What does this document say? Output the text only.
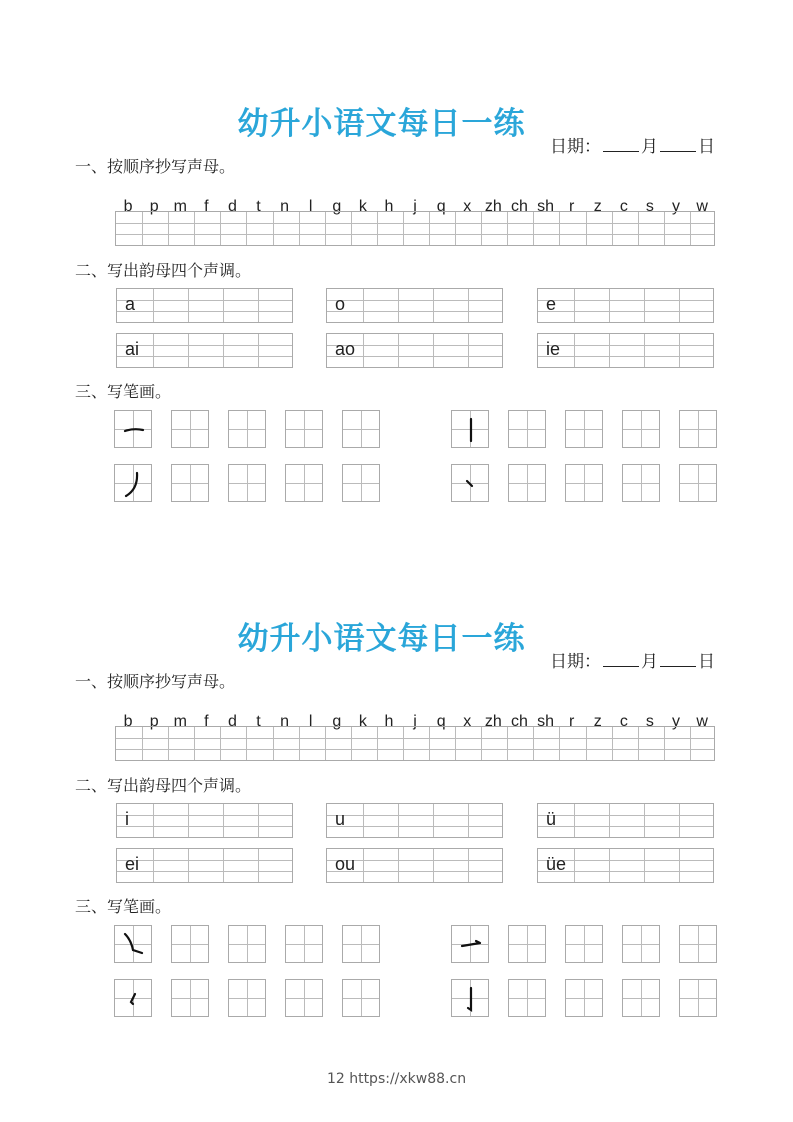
12 https://xkw88.cn
幼升小语文每日一练
日期： 月 日
一、按顺序抄写声母。
二、写出韵母四个声调。
三、写笔画。
b	p m	f	d	t	n	l	g	k	h	j	q	x zh ch sh r	z	c	s	y	w
a	o	e
ai	ao	ie
幼升小语文每日一练
日期： 月 日
一、按顺序抄写声母。
二、写出韵母四个声调。
三、写笔画。
b	p m	f	d	t	n	l	g	k	h	j	q	x zh ch sh r	z	c	s	y	w
i	u	ü
ei	ou	üe
